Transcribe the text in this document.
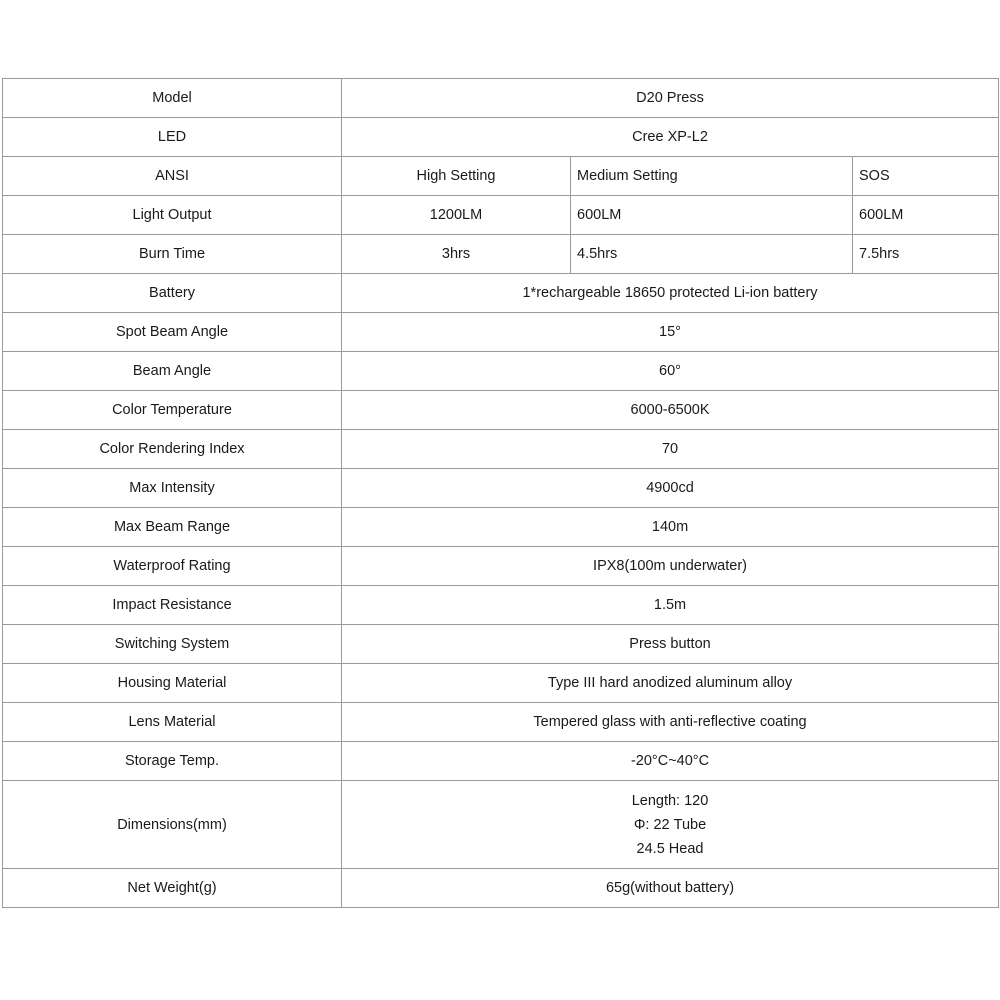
Model	D20 Press		
LED	Cree XP-L2		
ANSI	High Setting	Medium Setting	SOS
Light Output	1200LM	600LM	600LM
Burn Time	3hrs	4.5hrs	7.5hrs
Battery	1*rechargeable 18650 protected Li-ion battery		
Spot Beam Angle	15°		
Beam Angle	60°		
Color Temperature	6000-6500K		
Color Rendering Index	70		
Max Intensity	4900cd		
Max Beam Range	140m		
Waterproof Rating	IPX8(100m underwater)		
Impact Resistance	1.5m		
Switching System	Press button		
Housing Material	Type III hard anodized aluminum alloy		
Lens Material	Tempered glass with anti-reflective coating		
Storage Temp.	-20°C~40°C		
Dimensions(mm)	Length: 120
Φ: 22 Tube
24.5 Head		

Net Weight(g)	65g(without battery)		
